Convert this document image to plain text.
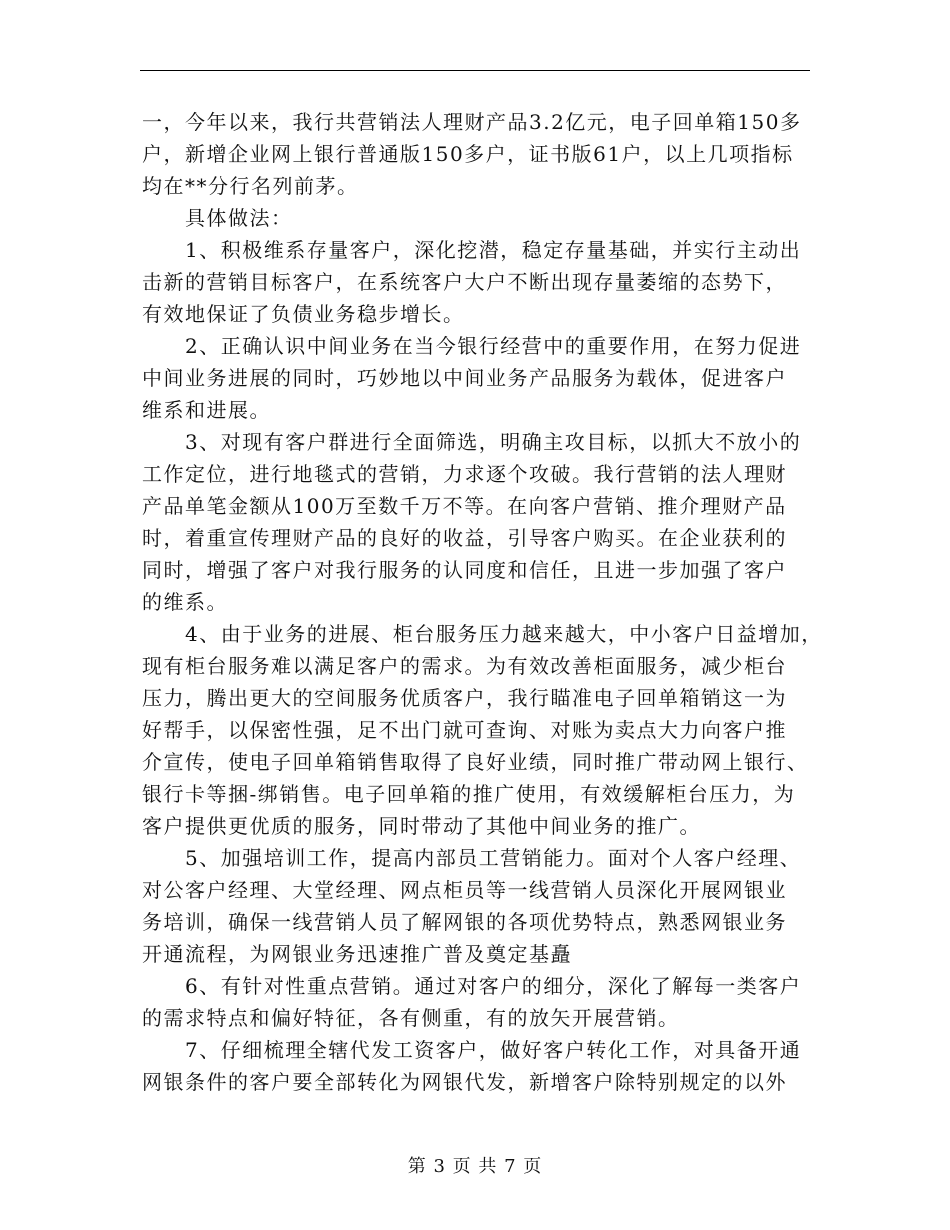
一，今年以来，我行共营销法人理财产品3.2亿元，电子回单箱150多
户，新增企业网上银行普通版150多户，证书版61户，以上几项指标
均在**分行名列前茅。

　　具体做法：

　　1、积极维系存量客户，深化挖潜，稳定存量基础，并实行主动出
击新的营销目标客户，在系统客户大户不断出现存量萎缩的态势下，
有效地保证了负债业务稳步增长。

　　2、正确认识中间业务在当今银行经营中的重要作用，在努力促进
中间业务进展的同时，巧妙地以中间业务产品服务为载体，促进客户
维系和进展。

　　3、对现有客户群进行全面筛选，明确主攻目标，以抓大不放小的
工作定位，进行地毯式的营销，力求逐个攻破。我行营销的法人理财
产品单笔金额从100万至数千万不等。在向客户营销、推介理财产品
时，着重宣传理财产品的良好的收益，引导客户购买。在企业获利的
同时，增强了客户对我行服务的认同度和信任，且进一步加强了客户
的维系。

　　4、由于业务的进展、柜台服务压力越来越大，中小客户日益增加，
现有柜台服务难以满足客户的需求。为有效改善柜面服务，减少柜台
压力，腾出更大的空间服务优质客户，我行瞄准电子回单箱销这一为
好帮手，以保密性强，足不出门就可查询、对账为卖点大力向客户推
介宣传，使电子回单箱销售取得了良好业绩，同时推广带动网上银行、
银行卡等捆-绑销售。电子回单箱的推广使用，有效缓解柜台压力，为
客户提供更优质的服务，同时带动了其他中间业务的推广。

　　5、加强培训工作，提高内部员工营销能力。面对个人客户经理、
对公客户经理、大堂经理、网点柜员等一线营销人员深化开展网银业
务培训，确保一线营销人员了解网银的各项优势特点，熟悉网银业务
开通流程，为网银业务迅速推广普及奠定基矗

　　6、有针对性重点营销。通过对客户的细分，深化了解每一类客户
的需求特点和偏好特征，各有侧重，有的放矢开展营销。

　　7、仔细梳理全辖代发工资客户，做好客户转化工作，对具备开通
网银条件的客户要全部转化为网银代发，新增客户除特别规定的以外

第 3 页 共 7 页
